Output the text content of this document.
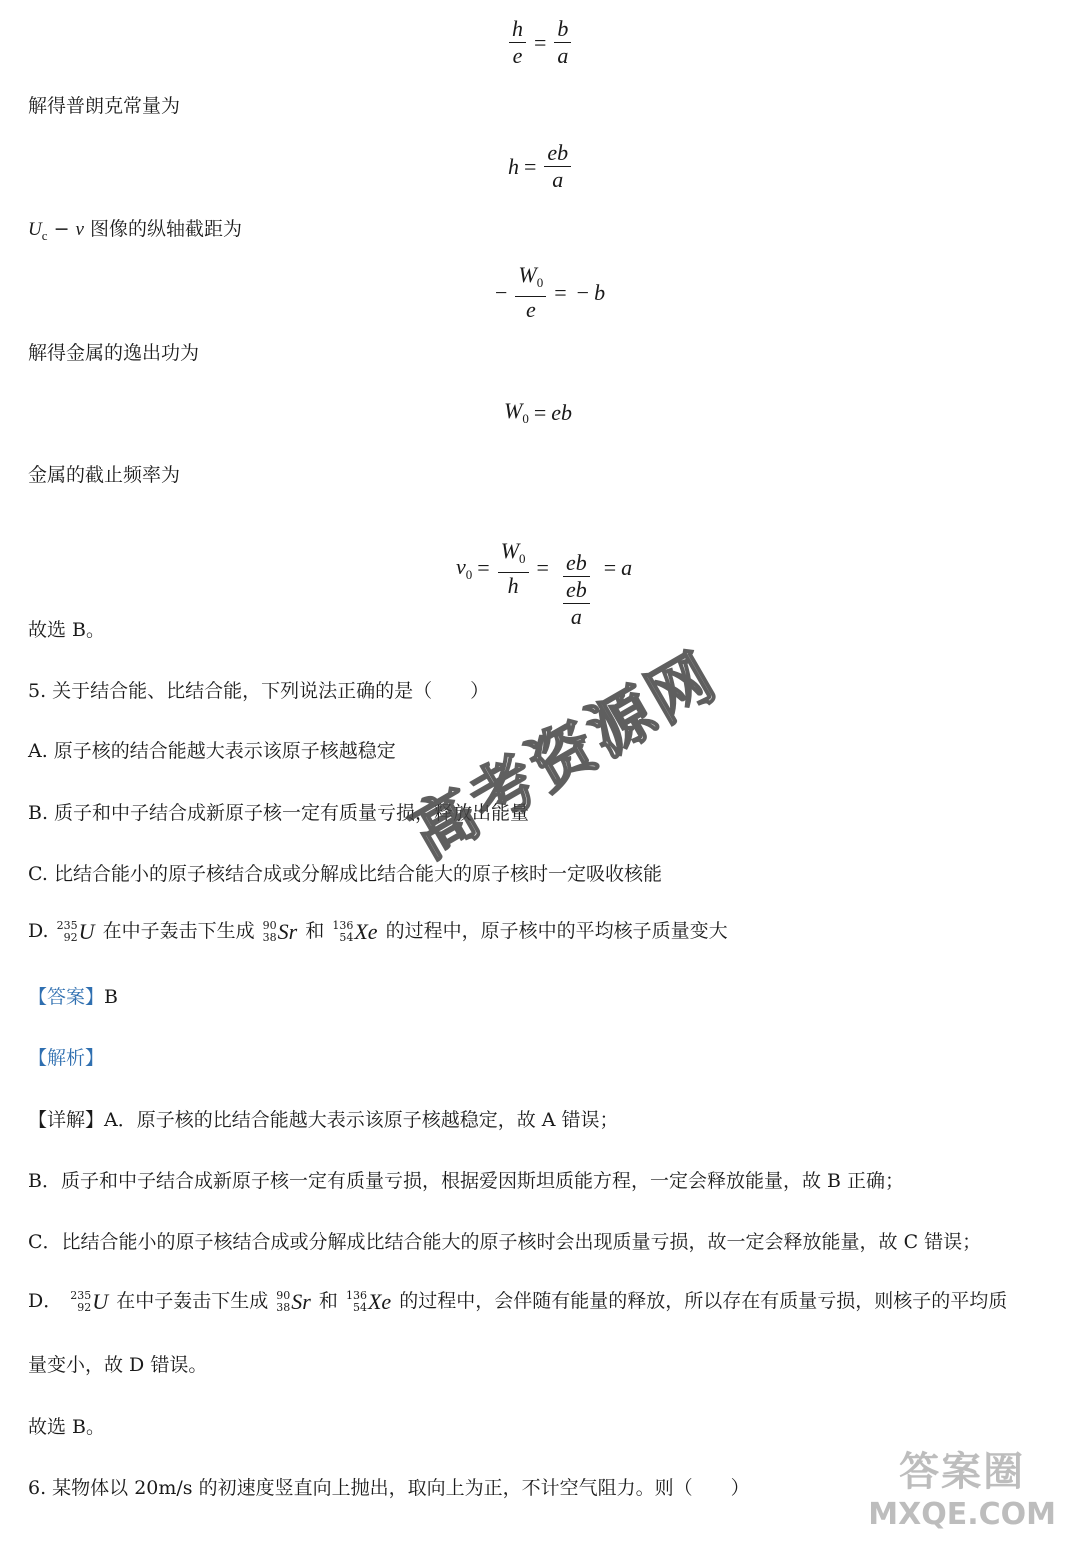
$\frac{h}{e} = \frac{b}{a}$
解得普朗克常量为
$h = \frac{eb}{a}$
$U_c - \nu$ 图像的纵轴截距为
− $\frac{W_0}{e}$ = − b
解得金属的逸出功为
$W_0$ = eb
金属的截止频率为
$\nu_0 = \frac{W_0}{h} = \frac{eb}{\frac{eb}{a}} = a$
故选 B。
5. 关于结合能、比结合能，下列说法正确的是（　　）
A. 原子核的结合能越大表示该原子核越稳定
B. 质子和中子结合成新原子核一定有质量亏损，释放出能量
C. 比结合能小的原子核结合成或分解成比结合能大的原子核时一定吸收核能
D. 235
92 U 在中子轰击下生成 90
38 Sr 和 136
54 Xe 的过程中，原子核中的平均核子质量变大
【答案】B
【解析】
【详解】A．原子核的比结合能越大表示该原子核越稳定，故 A 错误；
B．质子和中子结合成新原子核一定有质量亏损，根据爱因斯坦质能方程，一定会释放能量，故 B 正确；
C．比结合能小的原子核结合成或分解成比结合能大的原子核时会出现质量亏损，故一定会释放能量，故 C 错误；
D． 235
92 U 在中子轰击下生成 90
38 Sr 和 136
54 Xe 的过程中，会伴随有能量的释放，所以存在有质量亏损，则核子的平均质
量变小，故 D 错误。
故选 B。
6. 某物体以 20m/s 的初速度竖直向上抛出，取向上为正，不计空气阻力。则（　　）
高考资源网
答案圈
MXQE.COM
